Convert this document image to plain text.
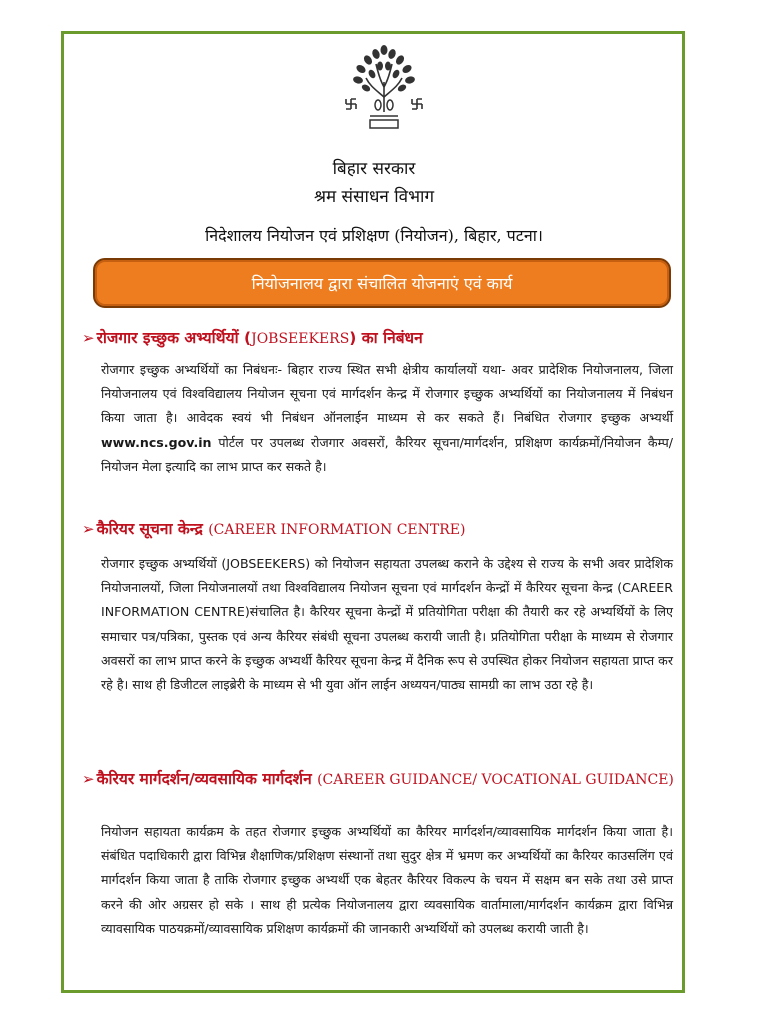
बिहार सरकार
श्रम संसाधन विभाग
निदेशालय नियोजन एवं प्रशिक्षण (नियोजन), बिहार, पटना।
नियोजनालय द्वारा संचालित योजनाएं एवं कार्य
➢ रोजगार इच्छुक अभ्यर्थियों (JOBSEEKERS) का निबंधन
रोजगार इच्छुक अभ्यर्थियों का निबंधनः- बिहार राज्य स्थित सभी क्षेत्रीय कार्यालयों यथा- अवर प्रादेशिक नियोजनालय, जिला नियोजनालय एवं विश्वविद्यालय नियोजन सूचना एवं मार्गदर्शन केन्द्र में रोजगार इच्छुक अभ्यर्थियों का नियोजनालय में निबंधन किया जाता है। आवेदक स्वयं भी निबंधन ऑनलाईन माध्यम से कर सकते हैं। निबंधित रोजगार इच्छुक अभ्यर्थी www.ncs.gov.in पोर्टल पर उपलब्ध रोजगार अवसरों, कैरियर सूचना/मार्गदर्शन, प्रशिक्षण कार्यक्रमों/नियोजन कैम्प/नियोजन मेला इत्यादि का लाभ प्राप्त कर सकते है।
➢ कैरियर सूचना केन्द्र (CAREER INFORMATION CENTRE)
रोजगार इच्छुक अभ्यर्थियों (JOBSEEKERS) को नियोजन सहायता उपलब्ध कराने के उद्देश्य से राज्य के सभी अवर प्रादेशिक नियोजनालयों, जिला नियोजनालयों तथा विश्वविद्यालय नियोजन सूचना एवं मार्गदर्शन केन्द्रों में कैरियर सूचना केन्द्र (CAREER INFORMATION CENTRE)संचालित है। कैरियर सूचना केन्द्रों में प्रतियोगिता परीक्षा की तैयारी कर रहे अभ्यर्थियों के लिए समाचार पत्र/पत्रिका, पुस्तक एवं अन्य कैरियर संबंधी सूचना उपलब्ध करायी जाती है। प्रतियोगिता परीक्षा के माध्यम से रोजगार अवसरों का लाभ प्राप्त करने के इच्छुक अभ्यर्थी कैरियर सूचना केन्द्र में दैनिक रूप से उपस्थित होकर नियोजन सहायता प्राप्त कर रहे है। साथ ही डिजीटल लाइब्रेरी के माध्यम से भी युवा ऑन लाईन अध्ययन/पाठ्य सामग्री का लाभ उठा रहे है।
➢ कैरियर मार्गदर्शन/व्यवसायिक मार्गदर्शन (CAREER GUIDANCE/ VOCATIONAL GUIDANCE)
नियोजन सहायता कार्यक्रम के तहत रोजगार इच्छुक अभ्यर्थियों का कैरियर मार्गदर्शन/व्यावसायिक मार्गदर्शन किया जाता है। संबंधित पदाधिकारी द्वारा विभिन्न शैक्षाणिक/प्रशिक्षण संस्थानों तथा सुदुर क्षेत्र में भ्रमण कर अभ्यर्थियों का कैरियर काउसलिंग एवं मार्गदर्शन किया जाता है ताकि रोजगार इच्छुक अभ्यर्थी एक बेहतर कैरियर विकल्प के चयन में सक्षम बन सके तथा उसे प्राप्त करने की ओर अग्रसर हो सके । साथ ही प्रत्येक नियोजनालय द्वारा व्यवसायिक वार्तामाला/मार्गदर्शन कार्यक्रम द्वारा विभिन्न व्यावसायिक पाठयक्रमों/व्यावसायिक प्रशिक्षण कार्यक्रमों की जानकारी अभ्यर्थियों को उपलब्ध करायी जाती है।
